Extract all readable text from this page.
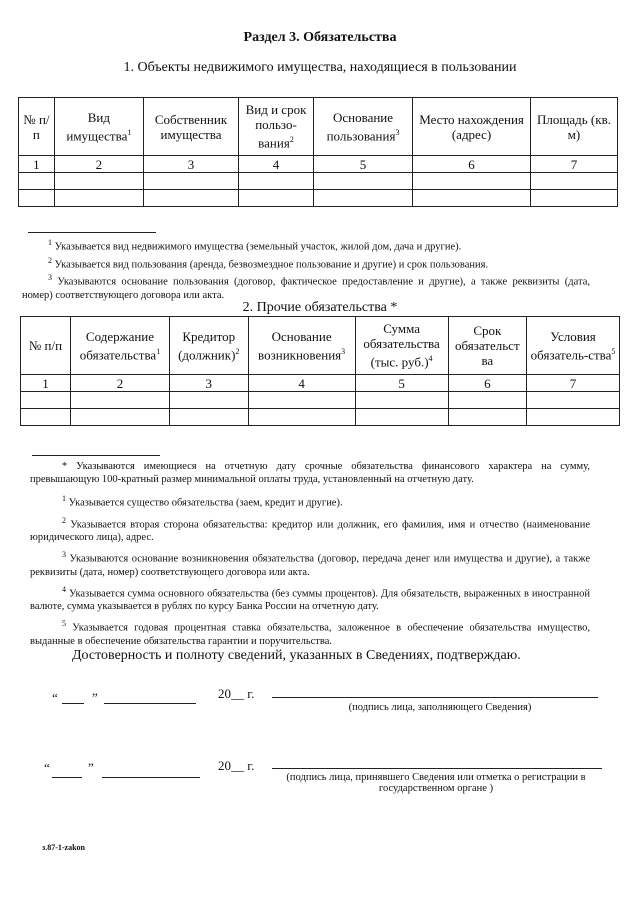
Раздел 3. Обязательства
1. Объекты недвижимого имущества, находящиеся в пользовании
№ п/п	Вид имущества$^1$	Собственник имущества	Вид и срок пользо-вания$^2$	Основание пользования$^3$	Место нахождения (адрес)	Площадь (кв. м)
1	2	3	4	5	6	7

$^1$ Указывается вид недвижимого имущества (земельный участок, жилой дом, дача и другие).

$^2$ Указывается вид пользования (аренда, безвозмездное пользование и другие) и срок пользования.

$^3$ Указываются основание пользования (договор, фактическое предоставление и другие), а также реквизиты (дата, номер) соответствующего договора или акта.

2. Прочие обязательства *
№ п/п	Содержание обязательства$^1$	Кредитор (должник)$^2$	Основание возникновения$^3$	Сумма обязательства (тыс. руб.)$^4$	Срок обязательст ва	Условия обязатель-ства$^5$
1	2	3	4	5	6	7

* Указываются имеющиеся на отчетную дату срочные обязательства финансового характера на сумму, превышающую 100-кратный размер минимальной оплаты труда, установленный на отчетную дату.

$^1$ Указывается существо обязательства (заем, кредит и другие).

$^2$ Указывается вторая сторона обязательства: кредитор или должник, его фамилия, имя и отчество (наименование юридического лица), адрес.

$^3$ Указываются основание возникновения обязательства (договор, передача денег или имущества и другие), а также реквизиты (дата, номер) соответствующего договора или акта.

$^4$ Указывается сумма основного обязательства (без суммы процентов). Для обязательств, выраженных в иностранной валюте, сумма указывается в рублях по курсу Банка России на отчетную дату.

$^5$ Указывается годовая процентная ставка обязательства, заложенное в обеспечение обязательства имущество, выданные в обеспечение обязательства гарантии и поручительства.

Достоверность и полноту сведений, указанных в Сведениях, подтверждаю.
“	”	20__ г.
(подпись лица, заполняющего Сведения)
“	”	20__ г.
(подпись лица, принявшего Сведения или отметка о регистрации в государственном органе )
з.87-1-zakon
